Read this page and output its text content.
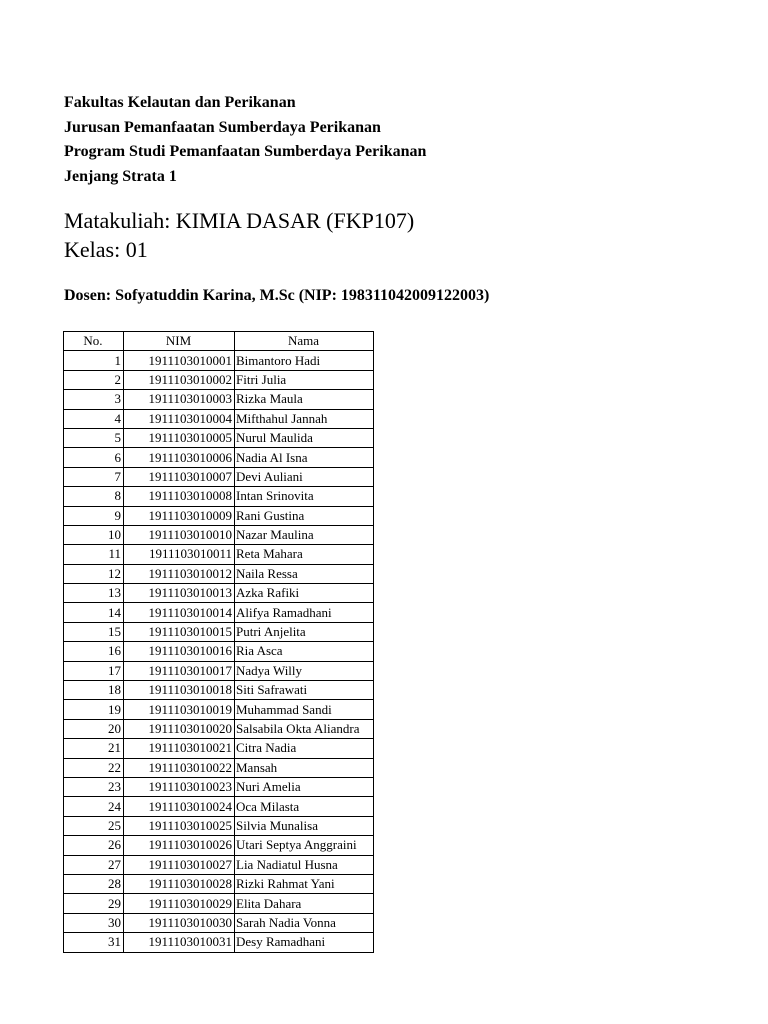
Fakultas Kelautan dan Perikanan
Jurusan Pemanfaatan Sumberdaya Perikanan
Program Studi Pemanfaatan Sumberdaya Perikanan
Jenjang Strata 1
Matakuliah: KIMIA DASAR (FKP107)
Kelas: 01
Dosen: Sofyatuddin Karina, M.Sc (NIP: 198311042009122003)
No.	NIM	Nama
1	1911103010001	Bimantoro Hadi
2	1911103010002	Fitri Julia
3	1911103010003	Rizka Maula
4	1911103010004	Mifthahul Jannah
5	1911103010005	Nurul Maulida
6	1911103010006	Nadia Al Isna
7	1911103010007	Devi Auliani
8	1911103010008	Intan Srinovita
9	1911103010009	Rani Gustina
10	1911103010010	Nazar Maulina
11	1911103010011	Reta Mahara
12	1911103010012	Naila Ressa
13	1911103010013	Azka Rafiki
14	1911103010014	Alifya Ramadhani
15	1911103010015	Putri Anjelita
16	1911103010016	Ria Asca
17	1911103010017	Nadya Willy
18	1911103010018	Siti Safrawati
19	1911103010019	Muhammad Sandi
20	1911103010020	Salsabila Okta Aliandra
21	1911103010021	Citra Nadia
22	1911103010022	Mansah
23	1911103010023	Nuri Amelia
24	1911103010024	Oca Milasta
25	1911103010025	Silvia Munalisa
26	1911103010026	Utari Septya Anggraini
27	1911103010027	Lia Nadiatul Husna
28	1911103010028	Rizki Rahmat Yani
29	1911103010029	Elita Dahara
30	1911103010030	Sarah Nadia Vonna
31	1911103010031	Desy Ramadhani
